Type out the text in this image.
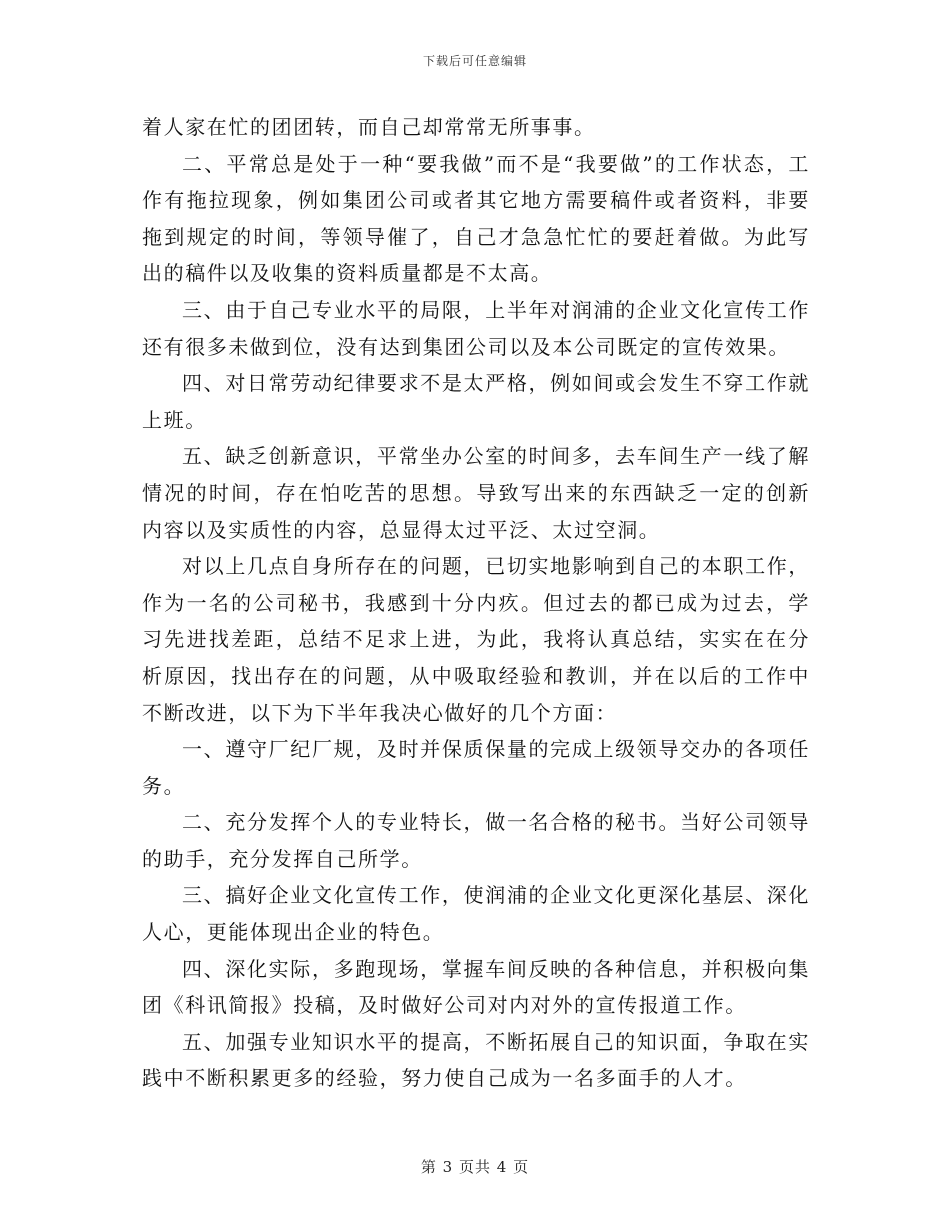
下载后可任意编辑

着人家在忙的团团转，而自己却常常无所事事。

二、平常总是处于一种“要我做”而不是“我要做”的工作状态，工作有拖拉现象，例如集团公司或者其它地方需要稿件或者资料，非要拖到规定的时间，等领导催了，自己才急急忙忙的要赶着做。为此写出的稿件以及收集的资料质量都是不太高。

三、由于自己专业水平的局限，上半年对润浦的企业文化宣传工作还有很多未做到位，没有达到集团公司以及本公司既定的宣传效果。

四、对日常劳动纪律要求不是太严格，例如间或会发生不穿工作就上班。

五、缺乏创新意识，平常坐办公室的时间多，去车间生产一线了解情况的时间，存在怕吃苦的思想。导致写出来的东西缺乏一定的创新内容以及实质性的内容，总显得太过平泛、太过空洞。

对以上几点自身所存在的问题，已切实地影响到自己的本职工作，作为一名的公司秘书，我感到十分内疚。但过去的都已成为过去，学习先进找差距，总结不足求上进，为此，我将认真总结，实实在在分析原因，找出存在的问题，从中吸取经验和教训，并在以后的工作中不断改进，以下为下半年我决心做好的几个方面：

一、遵守厂纪厂规，及时并保质保量的完成上级领导交办的各项任务。

二、充分发挥个人的专业特长，做一名合格的秘书。当好公司领导的助手，充分发挥自己所学。

三、搞好企业文化宣传工作，使润浦的企业文化更深化基层、深化人心，更能体现出企业的特色。

四、深化实际，多跑现场，掌握车间反映的各种信息，并积极向集团《科讯简报》投稿，及时做好公司对内对外的宣传报道工作。

五、加强专业知识水平的提高，不断拓展自己的知识面，争取在实践中不断积累更多的经验，努力使自己成为一名多面手的人才。

第 3 页共 4 页
